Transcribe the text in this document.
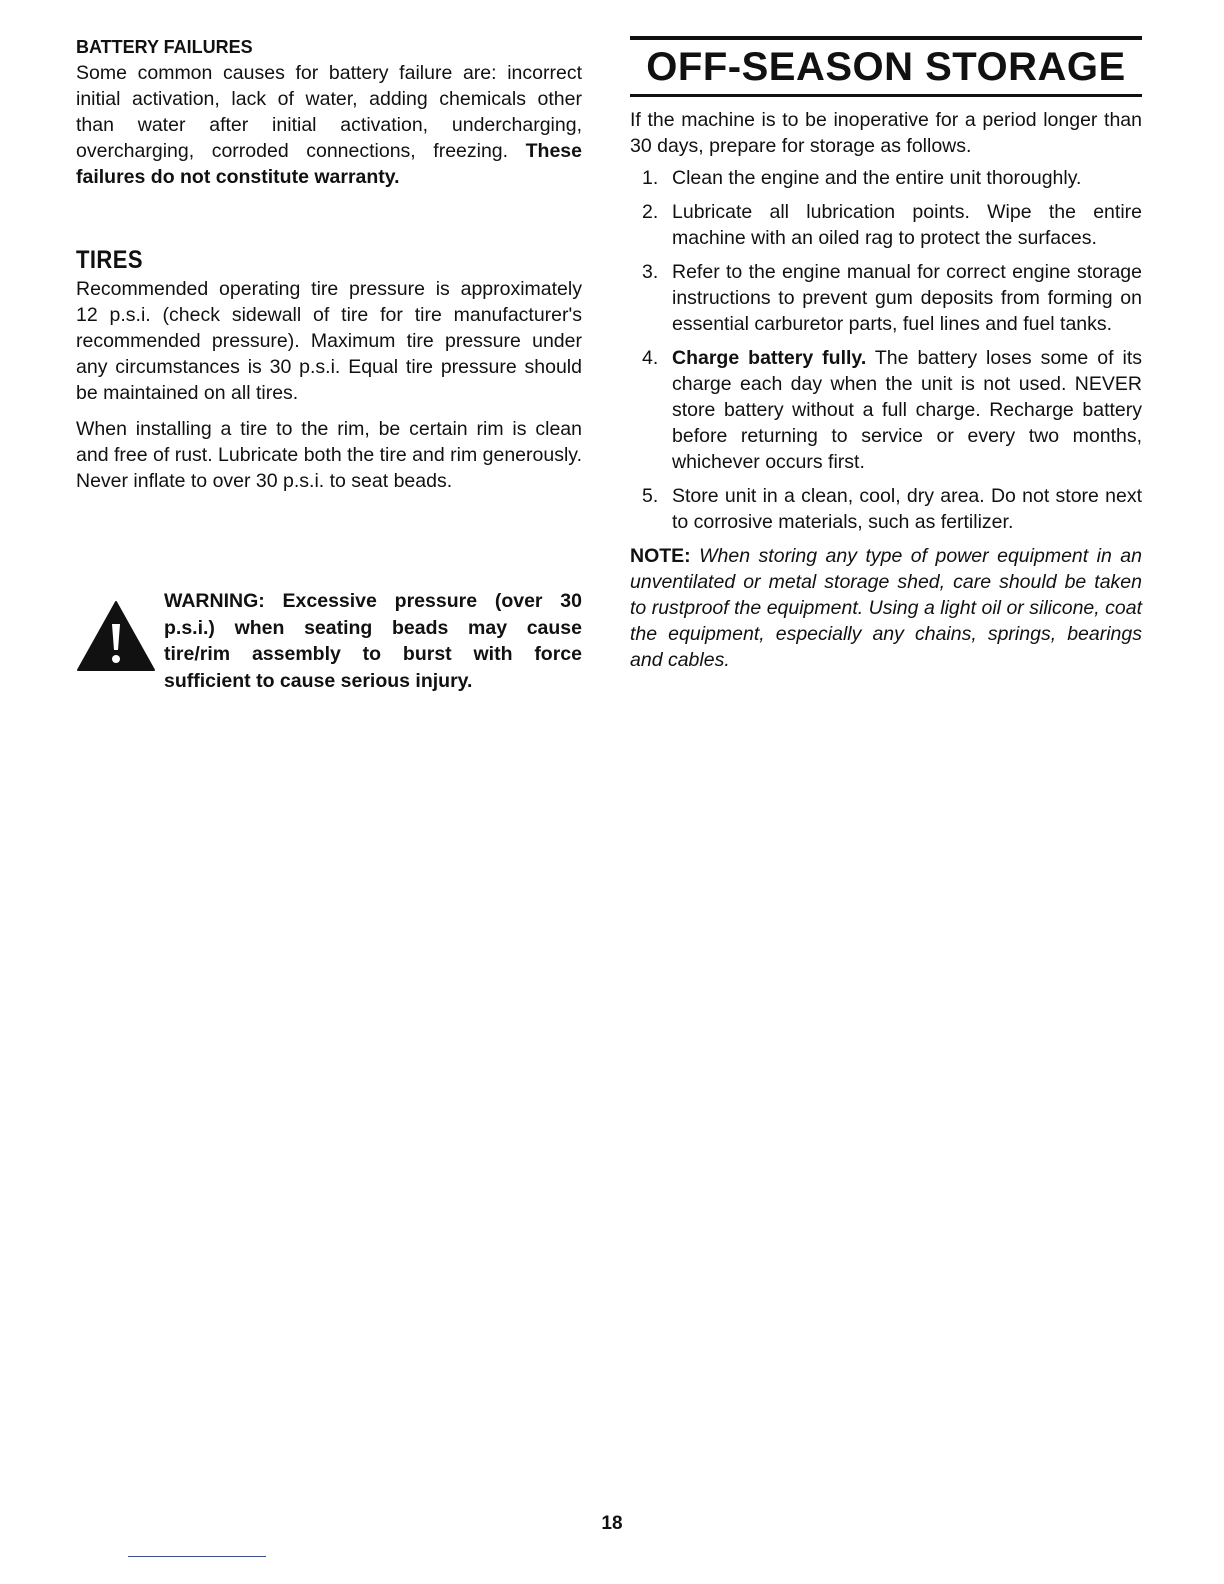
BATTERY FAILURES

Some common causes for battery failure are: incorrect initial activation, lack of water, adding chemicals other than water after initial activation, undercharging, overcharging, corroded connections, freezing. These failures do not constitute warranty.

TIRES

Recommended operating tire pressure is approximately 12 p.s.i. (check sidewall of tire for tire manufacturer's recommended pressure). Maximum tire pressure under any circumstances is 30 p.s.i. Equal tire pressure should be maintained on all tires.

When installing a tire to the rim, be certain rim is clean and free of rust. Lubricate both the tire and rim generously. Never inflate to over 30 p.s.i. to seat beads.

WARNING: Excessive pressure (over 30 p.s.i.) when seating beads may cause tire/rim assembly to burst with force sufficient to cause serious injury.
OFF-SEASON STORAGE

If the machine is to be inoperative for a period longer than 30 days, prepare for storage as follows.

1. Clean the engine and the entire unit thoroughly.
2. Lubricate all lubrication points. Wipe the entire machine with an oiled rag to protect the surfaces.
3. Refer to the engine manual for correct engine storage instructions to prevent gum deposits from forming on essential carburetor parts, fuel lines and fuel tanks.
4. Charge battery fully. The battery loses some of its charge each day when the unit is not used. NEVER store battery without a full charge. Recharge battery before returning to service or every two months, whichever occurs first.
5. Store unit in a clean, cool, dry area. Do not store next to corrosive materials, such as fertilizer.

NOTE: When storing any type of power equipment in an unventilated or metal storage shed, care should be taken to rustproof the equipment. Using a light oil or silicone, coat the equipment, especially any chains, springs, bearings and cables.

18
